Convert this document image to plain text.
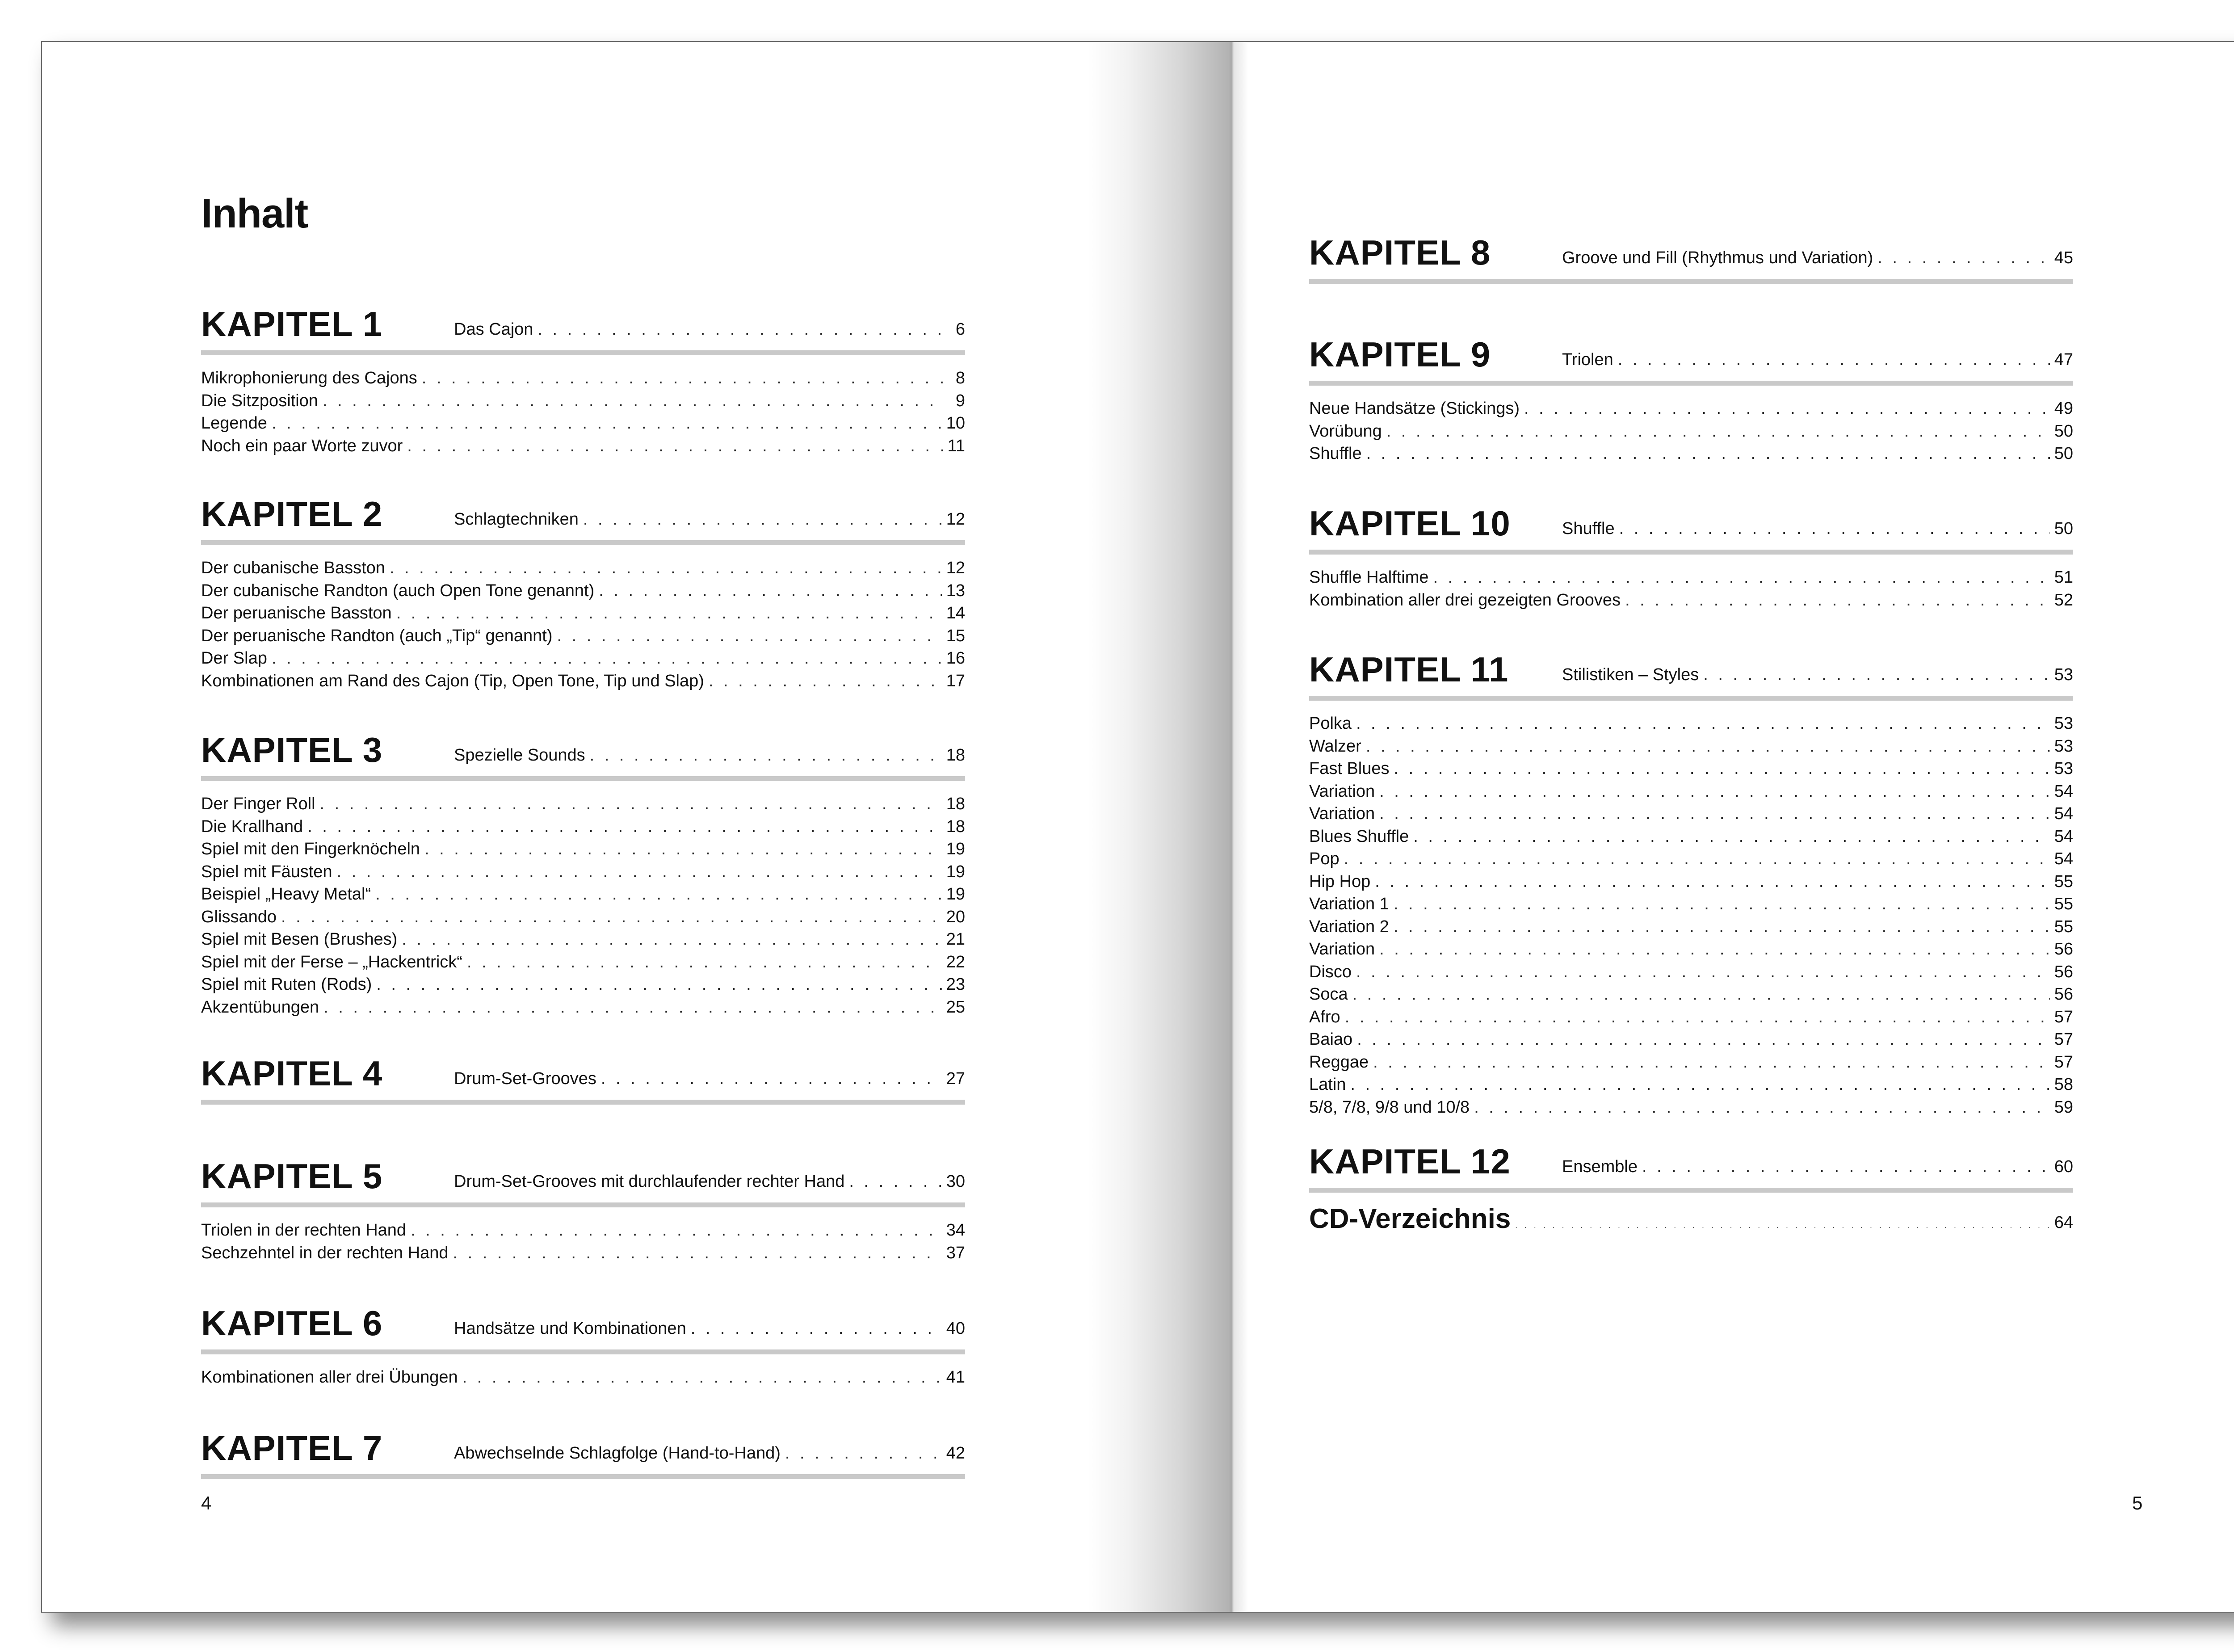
Inhalt
KAPITEL 1	Das Cajon . . .	6
Mikrophonierung des Cajons . . .	8
Die Sitzposition . . .	9
Legende . . .	10
Noch ein paar Worte zuvor . . .	11
KAPITEL 2	Schlagtechniken . . .	12
Der cubanische Basston . . .	12
Der cubanische Randton (auch Open Tone genannt) . . .	13
Der peruanische Basston . . .	14
Der peruanische Randton (auch „Tip“ genannt) . . .	15
Der Slap . . .	16
Kombinationen am Rand des Cajon (Tip, Open Tone, Tip und Slap) . . .	17
KAPITEL 3	Spezielle Sounds . . .	18
Der Finger Roll . . .	18
Die Krallhand . . .	18
Spiel mit den Fingerknöcheln . . .	19
Spiel mit Fäusten . . .	19
Beispiel „Heavy Metal“ . . .	19
Glissando . . .	20
Spiel mit Besen (Brushes) . . .	21
Spiel mit der Ferse – „Hackentrick“ . . .	22
Spiel mit Ruten (Rods) . . .	23
Akzentübungen . . .	25
KAPITEL 4	Drum-Set-Grooves . . .	27
KAPITEL 5	Drum-Set-Grooves mit durchlaufender rechter Hand . . .	30
Triolen in der rechten Hand . . .	34
Sechzehntel in der rechten Hand . . .	37
KAPITEL 6	Handsätze und Kombinationen . . .	40
Kombinationen aller drei Übungen . . .	41
KAPITEL 7	Abwechselnde Schlagfolge (Hand-to-Hand) . . .	42
4
KAPITEL 8	Groove und Fill (Rhythmus und Variation) . . .	45
KAPITEL 9	Triolen . . .	47
Neue Handsätze (Stickings) . . .	49
Vorübung . . .	50
Shuffle . . .	50
KAPITEL 10	Shuffle . . .	50
Shuffle Halftime . . .	51
Kombination aller drei gezeigten Grooves . . .	52
KAPITEL 11	Stilistiken – Styles . . .	53
Polka . . .	53
Walzer . . .	53
Fast Blues . . .	53
Variation . . .	54
Variation . . .	54
Blues Shuffle . . .	54
Pop . . .	54
Hip Hop . . .	55
Variation 1 . . .	55
Variation 2 . . .	55
Variation . . .	56
Disco . . .	56
Soca . . .	56
Afro . . .	57
Baiao . . .	57
Reggae . . .	57
Latin . . .	58
5/8, 7/8, 9/8 und 10/8 . . .	59
KAPITEL 12	Ensemble . . .	60
CD-Verzeichnis . . .	64
5
